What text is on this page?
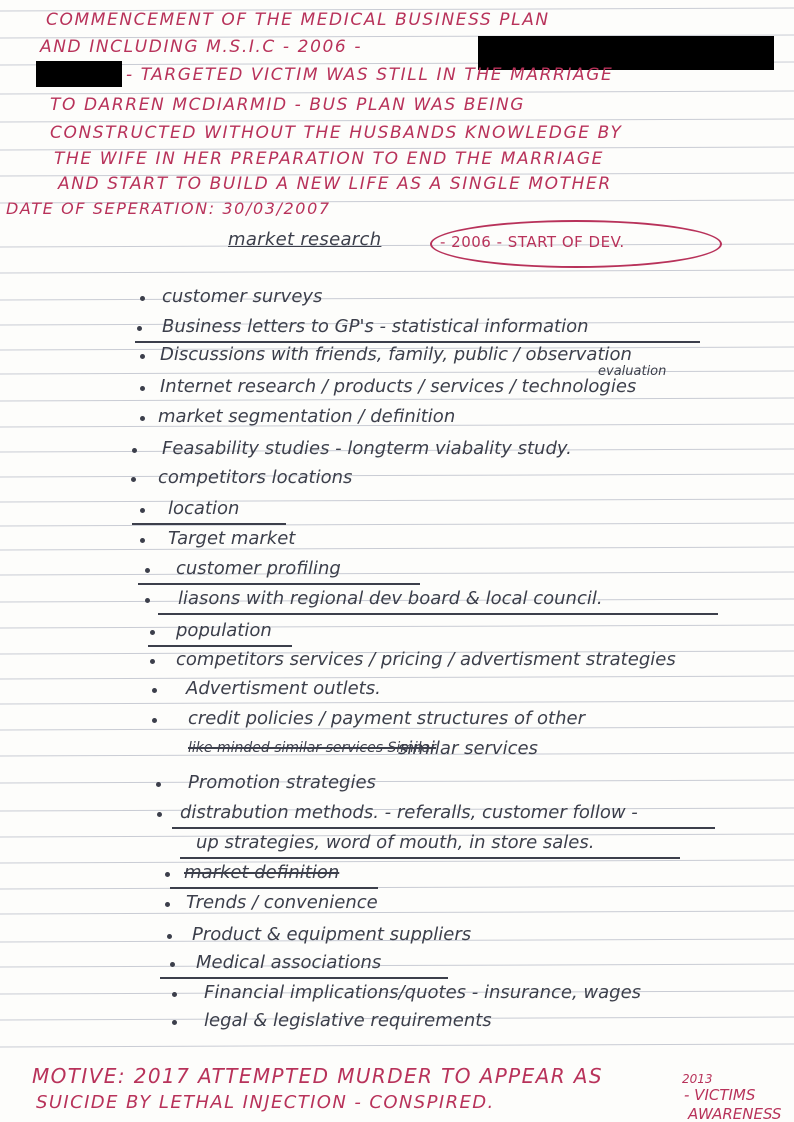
COMMENCEMENT OF THE MEDICAL BUSINESS PLAN
AND INCLUDING M.S.I.C - 2006 -
- TARGETED VICTIM WAS STILL IN THE MARRIAGE
TO DARREN MCDIARMID - BUS PLAN WAS BEING
CONSTRUCTED WITHOUT THE HUSBANDS KNOWLEDGE BY
THE WIFE IN HER PREPARATION TO END THE MARRIAGE
AND START TO BUILD A NEW LIFE AS A SINGLE MOTHER
DATE OF SEPERATION: 30/03/2007
market research	- 2006 - START OF DEV.
customer surveys
Business letters to GP's - statistical information
Discussions with friends, family, public / observation
Internet research / products / services / technologies
market segmentation / definition
Feasability studies - longterm viabality study.
competitors locations
location
Target market
customer profiling
liasons with regional dev board & local council.
population
competitors services / pricing / advertisment strategies
Advertisment outlets.
credit policies / payment structures of other
similar services
Promotion strategies
distrabution methods. - referalls, customer follow -
up strategies, word of mouth, in store sales.
market definition
Trends / convenience
Product & equipment suppliers
Medical associations
Financial implications/quotes - insurance, wages
legal & legislative requirements
like minded similar services Similar
evaluation
MOTIVE: 2017 ATTEMPTED MURDER TO APPEAR AS
SUICIDE BY LETHAL INJECTION - CONSPIRED.
2013
- VICTIMS
AWARENESS
